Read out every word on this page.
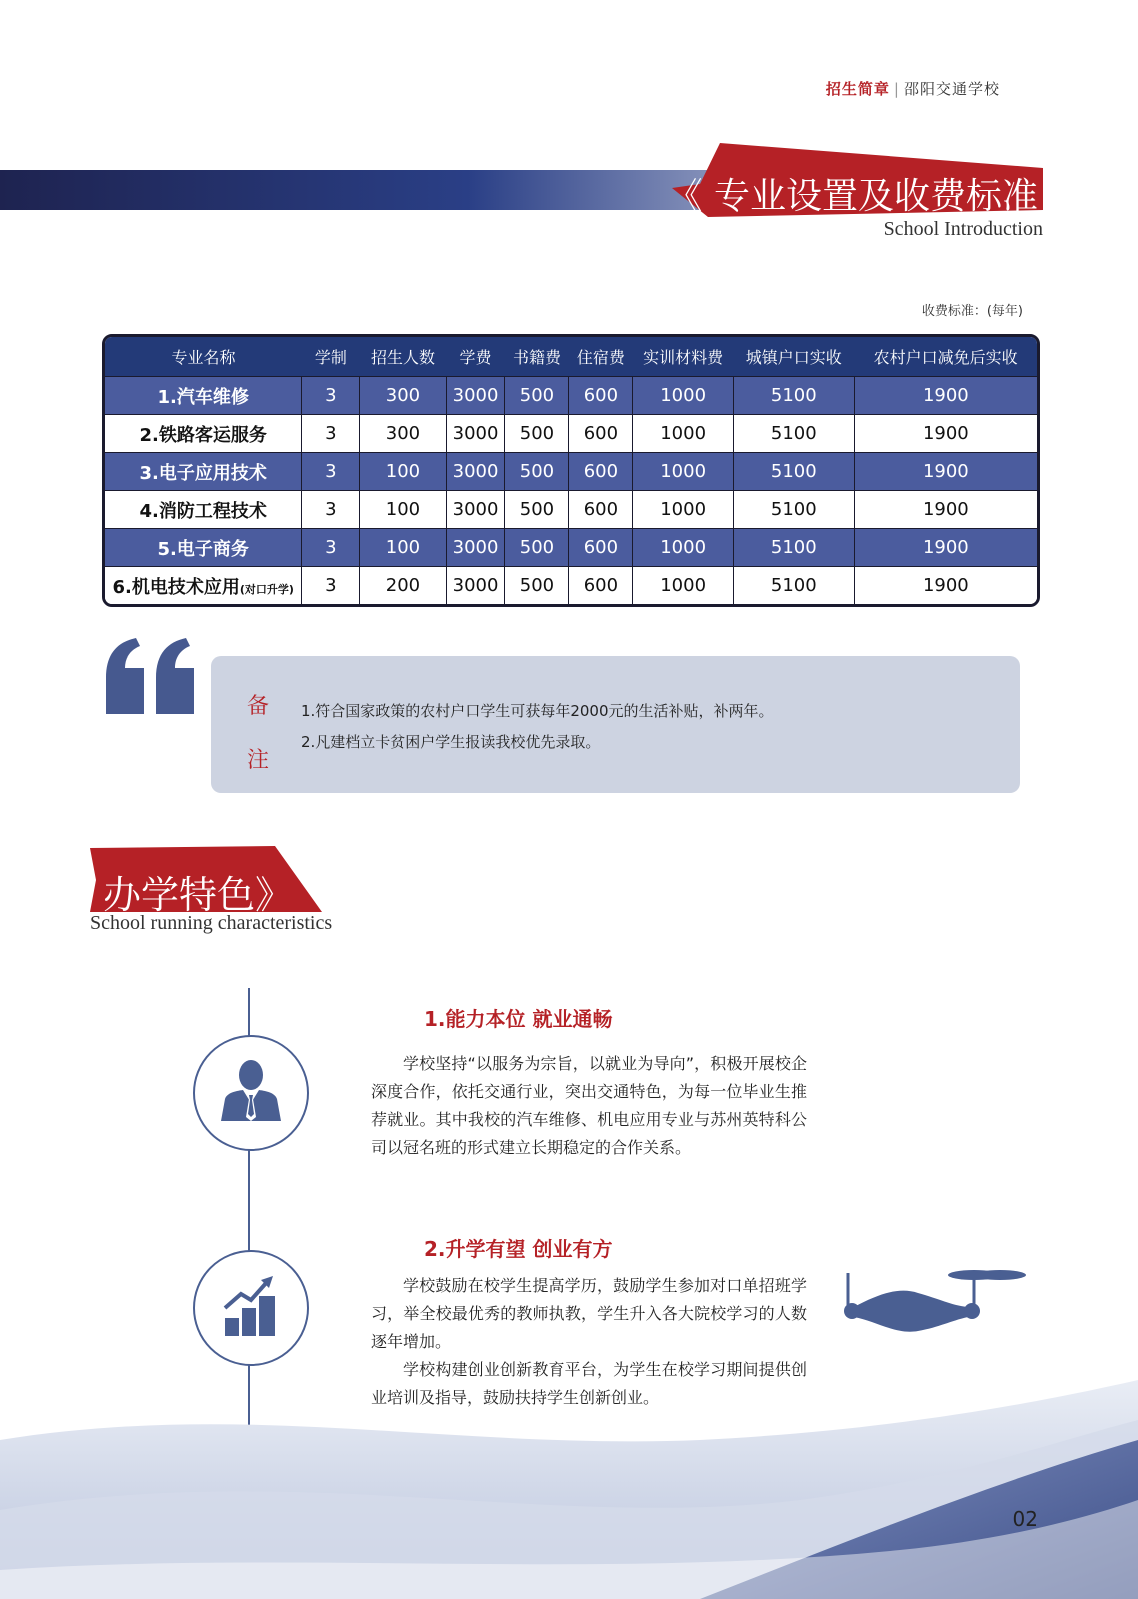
招生简章 | 邵阳交通学校
《 专业设置及收费标准
School Introduction
收费标准：(每年)
专业名称	学制	招生人数	学费	书籍费	住宿费	实训材料费	城镇户口实收	农村户口减免后实收
1.汽车维修	3	300	3000	500	600	1000	5100	1900
2.铁路客运服务	3	300	3000	500	600	1000	5100	1900
3.电子应用技术	3	100	3000	500	600	1000	5100	1900
4.消防工程技术	3	100	3000	500	600	1000	5100	1900
5.电子商务	3	100	3000	500	600	1000	5100	1900
6.机电技术应用(对口升学)	3	200	3000	500	600	1000	5100	1900
备
注
1.符合国家政策的农村户口学生可获每年2000元的生活补贴，补两年。
2.凡建档立卡贫困户学生报读我校优先录取。
办学特色》
School running characteristics
1.能力本位 就业通畅

学校坚持“以服务为宗旨，以就业为导向”，积极开展校企深度合作，依托交通行业，突出交通特色，为每一位毕业生推荐就业。其中我校的汽车维修、机电应用专业与苏州英特科公司以冠名班的形式建立长期稳定的合作关系。

2.升学有望 创业有方

学校鼓励在校学生提高学历，鼓励学生参加对口单招班学习，举全校最优秀的教师执教，学生升入各大院校学习的人数逐年增加。

学校构建创业创新教育平台，为学生在校学习期间提供创业培训及指导，鼓励扶持学生创新创业。

02
